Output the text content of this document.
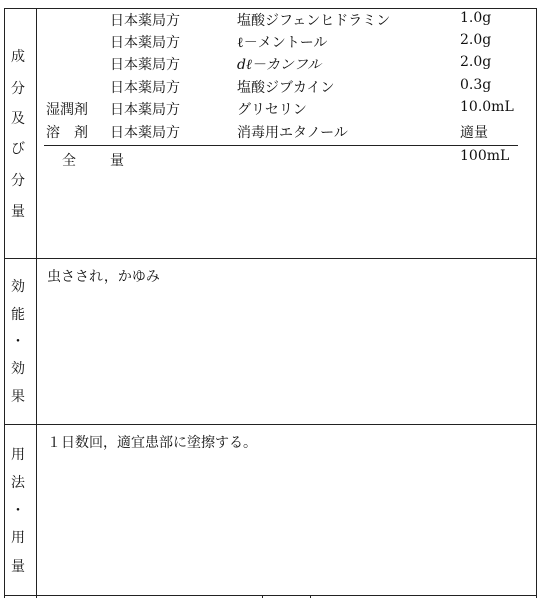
成
分
及
び
分
量
日本薬局方	塩酸ジフェンヒドラミン	1.0g
日本薬局方	ℓ－メントール	2.0g
日本薬局方	dℓ－カンフル	2.0g
日本薬局方	塩酸ジブカイン	0.3g
湿潤剤 日本薬局方	グリセリン	10.0mL
溶　剤 日本薬局方	消毒用エタノール	適量
全 量	100mL
効
能
・
効
果
虫さされ，かゆみ
用
法
・
用
量
１日数回，適宜患部に塗擦する。
